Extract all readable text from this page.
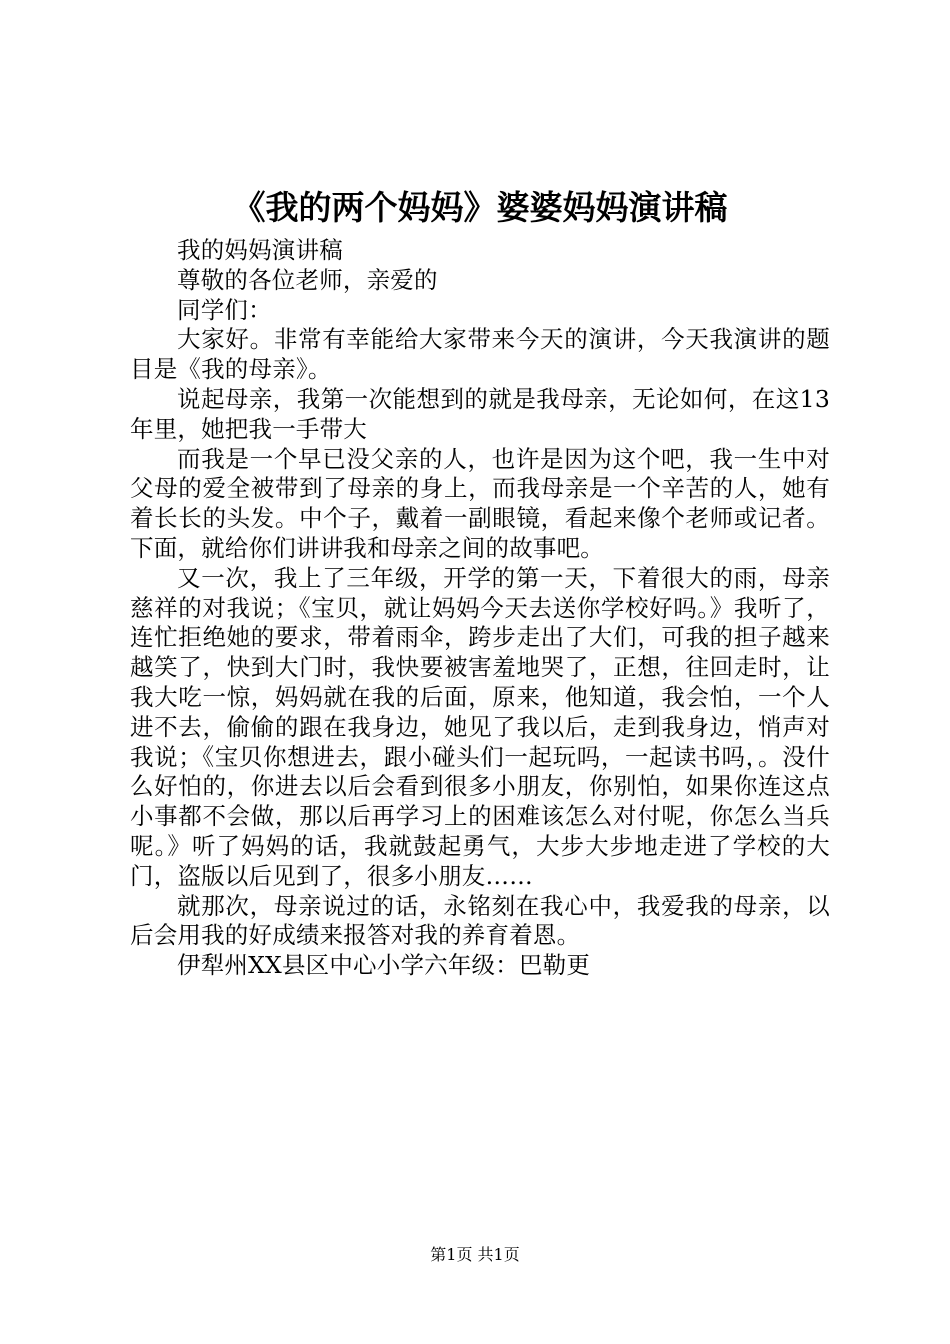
《我的两个妈妈》婆婆妈妈演讲稿

我的妈妈演讲稿

尊敬的各位老师，亲爱的

同学们：

大家好。非常有幸能给大家带来今天的演讲，今天我演讲的题目是《我的母亲》。

说起母亲，我第一次能想到的就是我母亲，无论如何，在这13年里，她把我一手带大

而我是一个早已没父亲的人，也许是因为这个吧，我一生中对父母的爱全被带到了母亲的身上，而我母亲是一个辛苦的人，她有着长长的头发。中个子，戴着一副眼镜，看起来像个老师或记者。下面，就给你们讲讲我和母亲之间的故事吧。

又一次，我上了三年级，开学的第一天，下着很大的雨，母亲慈祥的对我说；《宝贝，就让妈妈今天去送你学校好吗。》我听了，连忙拒绝她的要求，带着雨伞，跨步走出了大们，可我的担子越来越笑了，快到大门时，我快要被害羞地哭了，正想，往回走时，让我大吃一惊，妈妈就在我的后面，原来，他知道，我会怕，一个人进不去，偷偷的跟在我身边，她见了我以后，走到我身边，悄声对我说；《宝贝你想进去，跟小碰头们一起玩吗，一起读书吗，。没什么好怕的，你进去以后会看到很多小朋友，你别怕，如果你连这点小事都不会做，那以后再学习上的困难该怎么对付呢，你怎么当兵呢。》听了妈妈的话，我就鼓起勇气，大步大步地走进了学校的大门，盗版以后见到了，很多小朋友……

就那次，母亲说过的话，永铭刻在我心中，我爱我的母亲，以后会用我的好成绩来报答对我的养育着恩。

伊犁州XX县区中心小学六年级：巴勒更

第1页 共1页
